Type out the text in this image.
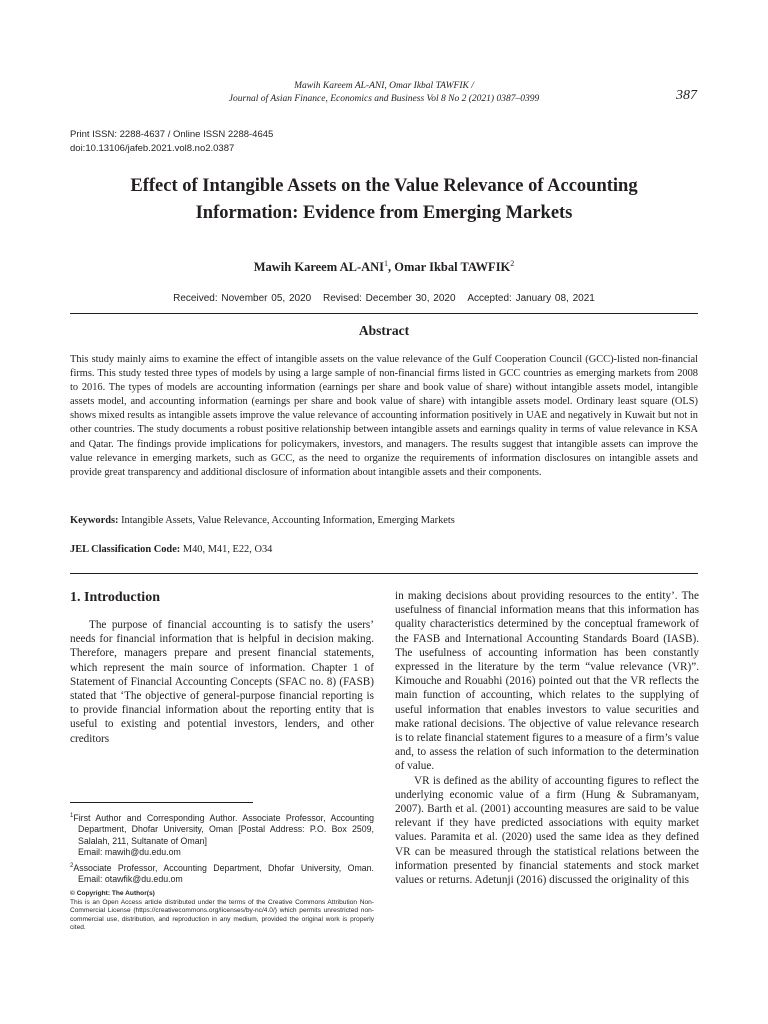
Mawih Kareem AL-ANI, Omar Ikbal TAWFIK /
Journal of Asian Finance, Economics and Business Vol 8 No 2 (2021) 0387–0399	387
Print ISSN: 2288-4637 / Online ISSN 2288-4645
doi:10.13106/jafeb.2021.vol8.no2.0387
Effect of Intangible Assets on the Value Relevance of Accounting
Information: Evidence from Emerging Markets
Mawih Kareem AL-ANI$^1$, Omar Ikbal TAWFIK$^2$
Received: November 05, 2020 Revised: December 30, 2020 Accepted: January 08, 2021
Abstract
This study mainly aims to examine the effect of intangible assets on the value relevance of the Gulf Cooperation Council (GCC)-listed non-financial firms. This study tested three types of models by using a large sample of non-financial firms listed in GCC countries as emerging markets from 2008 to 2016. The types of models are accounting information (earnings per share and book value of share) without intangible assets model, intangible assets model, and accounting information (earnings per share and book value of share) with intangible assets model. Ordinary least square (OLS) shows mixed results as intangible assets improve the value relevance of accounting information positively in UAE and negatively in Kuwait but not in other countries. The study documents a robust positive relationship between intangible assets and earnings quality in terms of value relevance in KSA and Qatar. The findings provide implications for policymakers, investors, and managers. The results suggest that intangible assets can improve the value relevance in emerging markets, such as GCC, as the need to organize the requirements of information disclosures on intangible assets and provide great transparency and additional disclosure of information about intangible assets and their components.
Keywords: Intangible Assets, Value Relevance, Accounting Information, Emerging Markets
JEL Classification Code: M40, M41, E22, O34
1. Introduction

The purpose of financial accounting is to satisfy the users’ needs for financial information that is helpful in decision making. Therefore, managers prepare and present financial statements, which represent the main source of information. Chapter 1 of Statement of Financial Accounting Concepts (SFAC no. 8) (FASB) stated that ‘The objective of general-purpose financial reporting is to provide financial information about the reporting entity that is useful to existing and potential investors, lenders, and other creditors

in making decisions about providing resources to the entity’. The usefulness of financial information means that this information has quality characteristics determined by the conceptual framework of the FASB and International Accounting Standards Board (IASB). The usefulness of accounting information has been constantly expressed in the literature by the term “value relevance (VR)”. Kimouche and Rouabhi (2016) pointed out that the VR reflects the main function of accounting, which relates to the supplying of useful information that enables investors to value securities and make rational decisions. The objective of value relevance research is to relate financial statement figures to a measure of a firm’s value and, to assess the relation of such information to the determination of value.

VR is defined as the ability of accounting figures to reflect the underlying economic value of a firm (Hung & Subramanyam, 2007). Barth et al. (2001) accounting measures are said to be value relevant if they have predicted associations with equity market values. Paramita et al. (2020) used the same idea as they defined VR can be measured through the statistical relations between the information presented by financial statements and stock market values or returns. Adetunji (2016) discussed the originality of this

$^1$First Author and Corresponding Author. Associate Professor, Accounting Department, Dhofar University, Oman [Postal Address: P.O. Box 2509, Salalah, 211, Sultanate of Oman]
Email: mawih@du.edu.om
$^2$Associate Professor, Accounting Department, Dhofar University, Oman. Email: otawfik@du.edu.om
© Copyright: The Author(s)
This is an Open Access article distributed under the terms of the Creative Commons Attribution Non-Commercial License (https://creativecommons.org/licenses/by-nc/4.0/) which permits unrestricted non-commercial use, distribution, and reproduction in any medium, provided the original work is properly cited.
